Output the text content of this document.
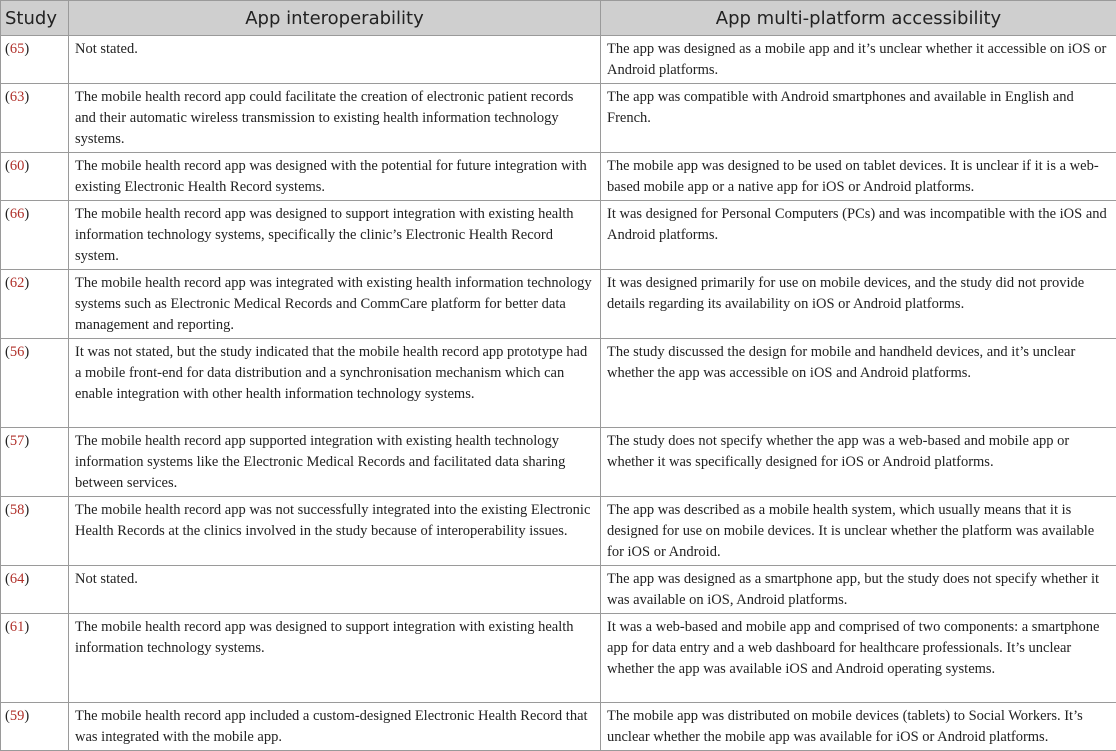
Study	App interoperability	App multi-platform accessibility
(65)	Not stated.	The app was designed as a mobile app and it’s unclear whether it accessible on iOS or Android platforms.
(63)	The mobile health record app could facilitate the creation of electronic patient records and their automatic wireless transmission to existing health information technology systems.	The app was compatible with Android smartphones and available in English and French.
(60)	The mobile health record app was designed with the potential for future integration with existing Electronic Health Record systems.	The mobile app was designed to be used on tablet devices. It is unclear if it is a web-based mobile app or a native app for iOS or Android platforms.
(66)	The mobile health record app was designed to support integration with existing health information technology systems, specifically the clinic’s Electronic Health Record system.	It was designed for Personal Computers (PCs) and was incompatible with the iOS and Android platforms.
(62)	The mobile health record app was integrated with existing health information technology systems such as Electronic Medical Records and CommCare platform for better data management and reporting.	It was designed primarily for use on mobile devices, and the study did not provide details regarding its availability on iOS or Android platforms.
(56)	It was not stated, but the study indicated that the mobile health record app prototype had a mobile front-end for data distribution and a synchronisation mechanism which can enable integration with other health information technology systems.	The study discussed the design for mobile and handheld devices, and it’s unclear whether the app was accessible on iOS and Android platforms.
(57)	The mobile health record app supported integration with existing health technology information systems like the Electronic Medical Records and facilitated data sharing between services.	The study does not specify whether the app was a web-based and mobile app or whether it was specifically designed for iOS or Android platforms.
(58)	The mobile health record app was not successfully integrated into the existing Electronic Health Records at the clinics involved in the study because of interoperability issues.	The app was described as a mobile health system, which usually means that it is designed for use on mobile devices. It is unclear whether the platform was available for iOS or Android.
(64)	Not stated.	The app was designed as a smartphone app, but the study does not specify whether it was available on iOS, Android platforms.
(61)	The mobile health record app was designed to support integration with existing health information technology systems.	It was a web-based and mobile app and comprised of two components: a smartphone app for data entry and a web dashboard for healthcare professionals. It’s unclear whether the app was available iOS and Android operating systems.
(59)	The mobile health record app included a custom-designed Electronic Health Record that was integrated with the mobile app.	The mobile app was distributed on mobile devices (tablets) to Social Workers. It’s unclear whether the mobile app was available for iOS or Android platforms.
